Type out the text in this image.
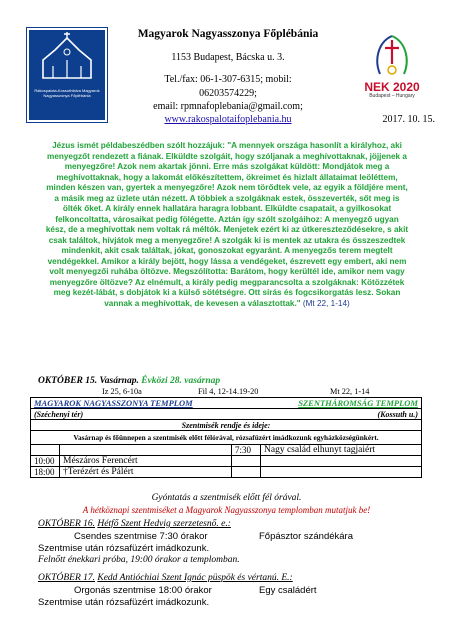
Rákospalota-Kossuthfalva Magyarok Nagyasszonya Főplébánia
Magyarok Nagyasszonya Főplébánia
1153 Budapest, Bácska u. 3.
Tel./fax: 06-1-307-6315; mobil:
06203574229;
email: rpmnafoplebania@gmail.com;
www.rakospalotaifoplebania.hu
NEK 2020
Budapest – Hungary
2017. 10. 15.
Jézus ismét példabeszédben szólt hozzájuk: "A mennyek országa hasonlít a királyhoz, aki menyegzőt rendezett a fiának. Elküldte szolgáit, hogy szóljanak a meghívottaknak, jöjjenek a menyegzőre! Azok nem akartak jönni. Erre más szolgákat küldött: Mondjátok meg a meghívottaknak, hogy a lakomát előkészítettem, ökreimet és hizlalt állataimat leöléttem, minden készen van, gyertek a menyegzőre! Azok nem törődtek vele, az egyik a földjére ment, a másik meg az üzlete után nézett. A többiek a szolgáknak estek, összeverték, sőt meg is ölték őket. A király ennek hallatára haragra lobbant. Elküldte csapatait, a gyilkosokat felkoncoltatta, városaikat pedig fölégette. Aztán így szólt szolgáihoz: A menyegző ugyan kész, de a meghívottak nem voltak rá méltók. Menjetek ezért ki az útkereszteződésekre, s akit csak találtok, hívjátok meg a menyegzőre! A szolgák ki is mentek az utakra és összeszedtek mindenkit, akit csak találtak, jókat, gonoszokat egyaránt. A menyegzős terem megtelt vendégekkel. Amikor a király bejött, hogy lássa a vendégeket, észrevett egy embert, aki nem volt menyegzői ruhába öltözve. Megszólította: Barátom, hogy kerültél ide, amikor nem vagy menyegzőre öltözve? Az elnémult, a király pedig megparancsolta a szolgáknak: Kötözzétek meg kezét-lábát, s dobjátok ki a külső sötétségre. Ott sírás és fogcsikorgatás lesz. Sokan vannak a meghívottak, de kevesen a választottak." (Mt 22, 1-14)
OKTÓBER 15. Vasárnap. Évközi 28. vasárnap
Iz 25, 6-10a	Fil 4, 12-14.19-20	Mt 22, 1-14
MAGYAROK NAGYASSZONYA TEMPLOM		SZENTHÁROMSÁG TEMPLOM	
(Széchenyi tér)		(Kossuth u.)	
Szentmisék rendje és ideje:			
Vasárnap és főünnepen a szentmisék előtt félórával, rózsafüzért imádkozunk egyházközségünkért.			
		7:30	Nagy család elhunyt tagjaiért
10:00	Mészáros Ferencért		
18:00	†Terézért és Pálért		
Gyóntatás a szentmisék előtt fél órával.
A hétköznapi szentmiséket a Magyarok Nagyasszonya templomban mutatjuk be!
OKTÓBER 16. Hétfő Szent Hedvig szerzetesnő. e.:
Csendes szentmise 7:30 órakor	Főpásztor szándékára
Szentmise után rózsafüzért imádkozunk.
Felnőtt énekkari próba, 19:00 órakor a templomban.
OKTÓBER 17. Kedd Antióchiai Szent Ignác püspök és vértanú. E.:
Orgonás szentmise 18:00 órakor	Egy családért
Szentmise után rózsafüzért imádkozunk.
